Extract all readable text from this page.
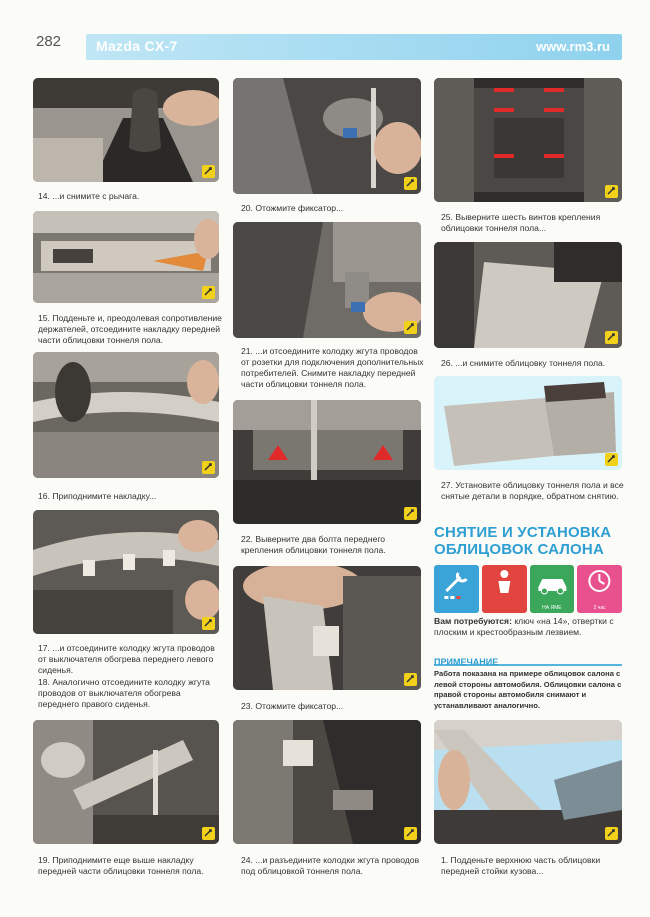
282 Mazda CX-7	www.rm3.ru
14. ...и снимите с рычага.
15. Подденьте и, преодолевая сопротивление держателей, отсоедините накладку передней части облицовки тоннеля пола.
16. Приподнимите накладку...
17. ...и отсоедините колодку жгута проводов от выключателя обогрева переднего левого сиденья.
18. Аналогично отсоедините колодку жгута проводов от выключателя обогрева переднего правого сиденья.
19. Приподнимите еще выше накладку передней части облицовки тоннеля пола.
20. Отожмите фиксатор...
21. ...и отсоедините колодку жгута проводов от розетки для подключения дополнительных потребителей. Снимите накладку передней части облицовки тоннеля пола.
22. Выверните два болта переднего крепления облицовки тоннеля пола.
23. Отожмите фиксатор...
24. ...и разъедините колодки жгута проводов под облицовкой тоннеля пола.
25. Выверните шесть винтов крепления облицовки тоннеля пола...
26. ...и снимите облицовку тоннеля пола.
27. Установите облицовку тоннеля пола и все снятые детали в порядке, обратном снятию.
СНЯТИЕ И УСТАНОВКА ОБЛИЦОВОК САЛОНА
НА ЯМЕ	2 час
Вам потребуются: ключ «на 14», отвертки с плоским и крестообразным лезвием.
ПРИМЕЧАНИЕ
Работа показана на примере облицовок салона с левой стороны автомобиля. Облицовки салона с правой стороны автомобиля снимают и устанавливают аналогично.
1. Подденьте верхнюю часть облицовки передней стойки кузова...
